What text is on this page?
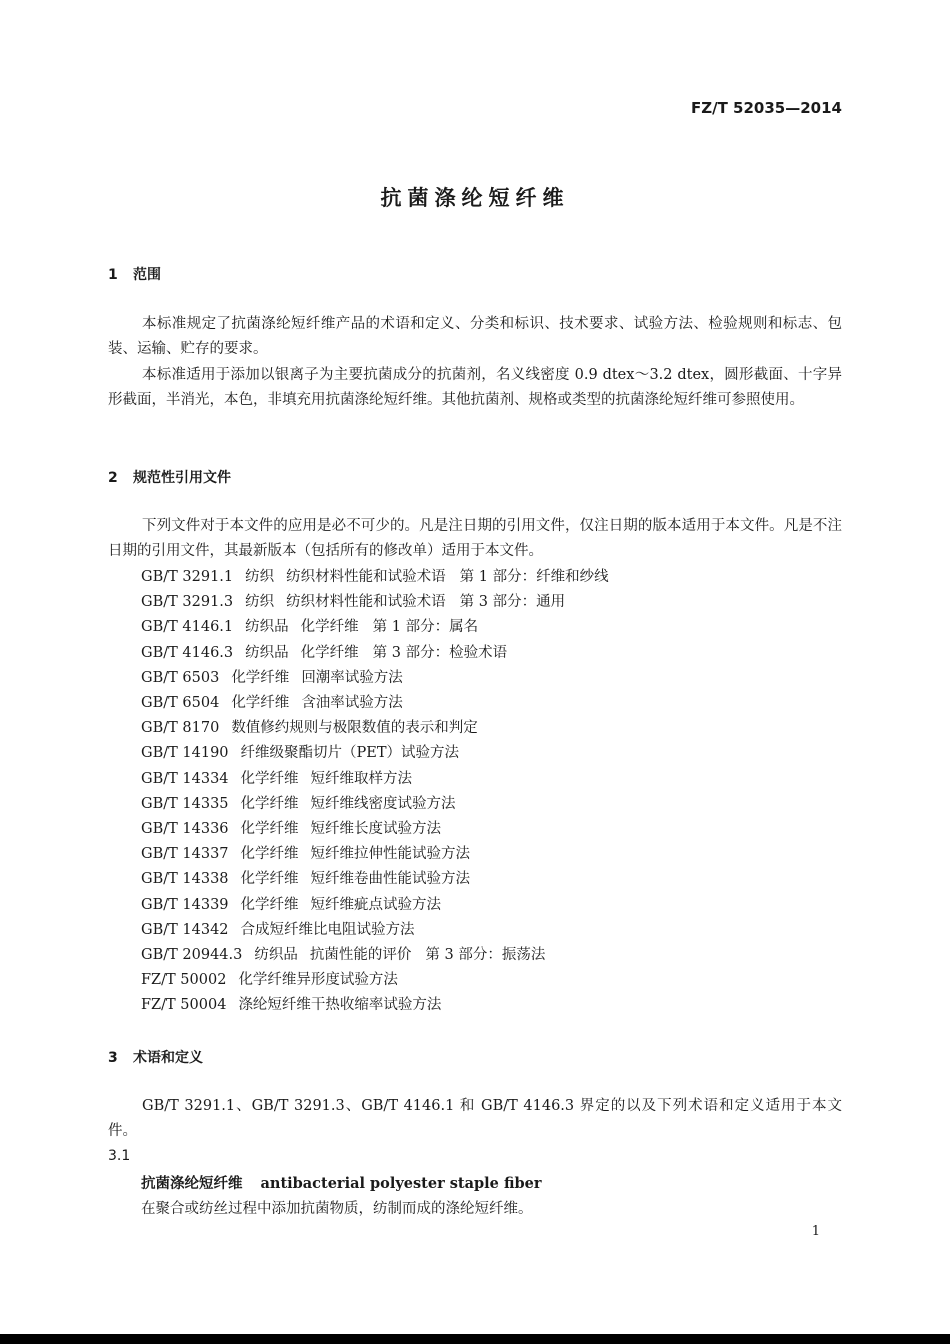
FZ/T 52035—2014
抗菌涤纶短纤维
1 范围
本标准规定了抗菌涤纶短纤维产品的术语和定义、分类和标识、技术要求、试验方法、检验规则和标志、包装、运输、贮存的要求。
本标准适用于添加以银离子为主要抗菌成分的抗菌剂，名义线密度 0.9 dtex～3.2 dtex，圆形截面、十字异形截面，半消光，本色，非填充用抗菌涤纶短纤维。其他抗菌剂、规格或类型的抗菌涤纶短纤维可参照使用。
2 规范性引用文件
下列文件对于本文件的应用是必不可少的。凡是注日期的引用文件，仅注日期的版本适用于本文件。凡是不注日期的引用文件，其最新版本（包括所有的修改单）适用于本文件。
GB/T 3291.1 纺织 纺织材料性能和试验术语 第 1 部分：纤维和纱线
GB/T 3291.3 纺织 纺织材料性能和试验术语 第 3 部分：通用
GB/T 4146.1 纺织品 化学纤维 第 1 部分：属名
GB/T 4146.3 纺织品 化学纤维 第 3 部分：检验术语
GB/T 6503 化学纤维 回潮率试验方法
GB/T 6504 化学纤维 含油率试验方法
GB/T 8170 数值修约规则与极限数值的表示和判定
GB/T 14190 纤维级聚酯切片（PET）试验方法
GB/T 14334 化学纤维 短纤维取样方法
GB/T 14335 化学纤维 短纤维线密度试验方法
GB/T 14336 化学纤维 短纤维长度试验方法
GB/T 14337 化学纤维 短纤维拉伸性能试验方法
GB/T 14338 化学纤维 短纤维卷曲性能试验方法
GB/T 14339 化学纤维 短纤维疵点试验方法
GB/T 14342 合成短纤维比电阻试验方法
GB/T 20944.3 纺织品 抗菌性能的评价 第 3 部分：振荡法
FZ/T 50002 化学纤维异形度试验方法
FZ/T 50004 涤纶短纤维干热收缩率试验方法
3 术语和定义
GB/T 3291.1、GB/T 3291.3、GB/T 4146.1 和 GB/T 4146.3 界定的以及下列术语和定义适用于本文件。
3.1
抗菌涤纶短纤维 antibacterial polyester staple fiber
在聚合或纺丝过程中添加抗菌物质，纺制而成的涤纶短纤维。
1
